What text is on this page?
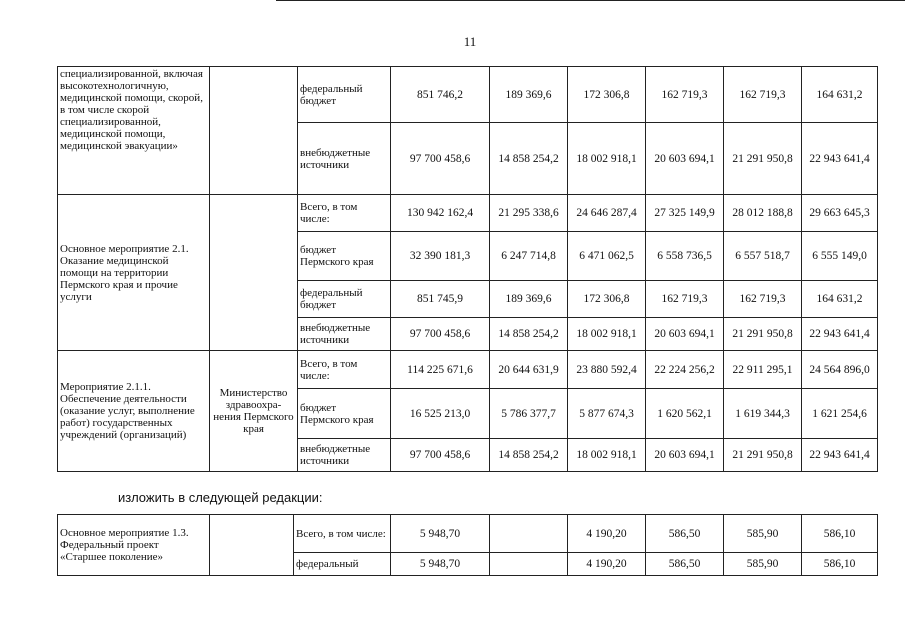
11
специализированной, включая высокотехнологичную, медицинской помощи, скорой, в том числе скорой специализированной, медицинской помощи, медицинской эвакуации»		федеральный бюджет	851 746,2	189 369,6	172 306,8	162 719,3	162 719,3	164 631,2
		внебюджетные источники	97 700 458,6	14 858 254,2	18 002 918,1	20 603 694,1	21 291 950,8	22 943 641,4
Основное мероприятие 2.1. Оказание медицинской помощи на территории Пермского края и прочие услуги		Всего, в том числе:	130 942 162,4	21 295 338,6	24 646 287,4	27 325 149,9	28 012 188,8	29 663 645,3
		бюджет Пермского края	32 390 181,3	6 247 714,8	6 471 062,5	6 558 736,5	6 557 518,7	6 555 149,0
		федеральный бюджет	851 745,9	189 369,6	172 306,8	162 719,3	162 719,3	164 631,2
		внебюджетные источники	97 700 458,6	14 858 254,2	18 002 918,1	20 603 694,1	21 291 950,8	22 943 641,4
Мероприятие 2.1.1. Обеспечение деятельности (оказание услуг, выполнение работ) государственных учреждений (организаций)	Министерство здравоохра- нения Пермского края	Всего, в том числе:	114 225 671,6	20 644 631,9	23 880 592,4	22 224 256,2	22 911 295,1	24 564 896,0
		бюджет Пермского края	16 525 213,0	5 786 377,7	5 877 674,3	1 620 562,1	1 619 344,3	1 621 254,6
		внебюджетные источники	97 700 458,6	14 858 254,2	18 002 918,1	20 603 694,1	21 291 950,8	22 943 641,4
изложить в следующей редакции:
Основное мероприятие 1.3. Федеральный проект «Старшее поколение»		Всего, в том числе:	5 948,70		4 190,20	586,50	585,90	586,10
		федеральный	5 948,70		4 190,20	586,50	585,90	586,10
